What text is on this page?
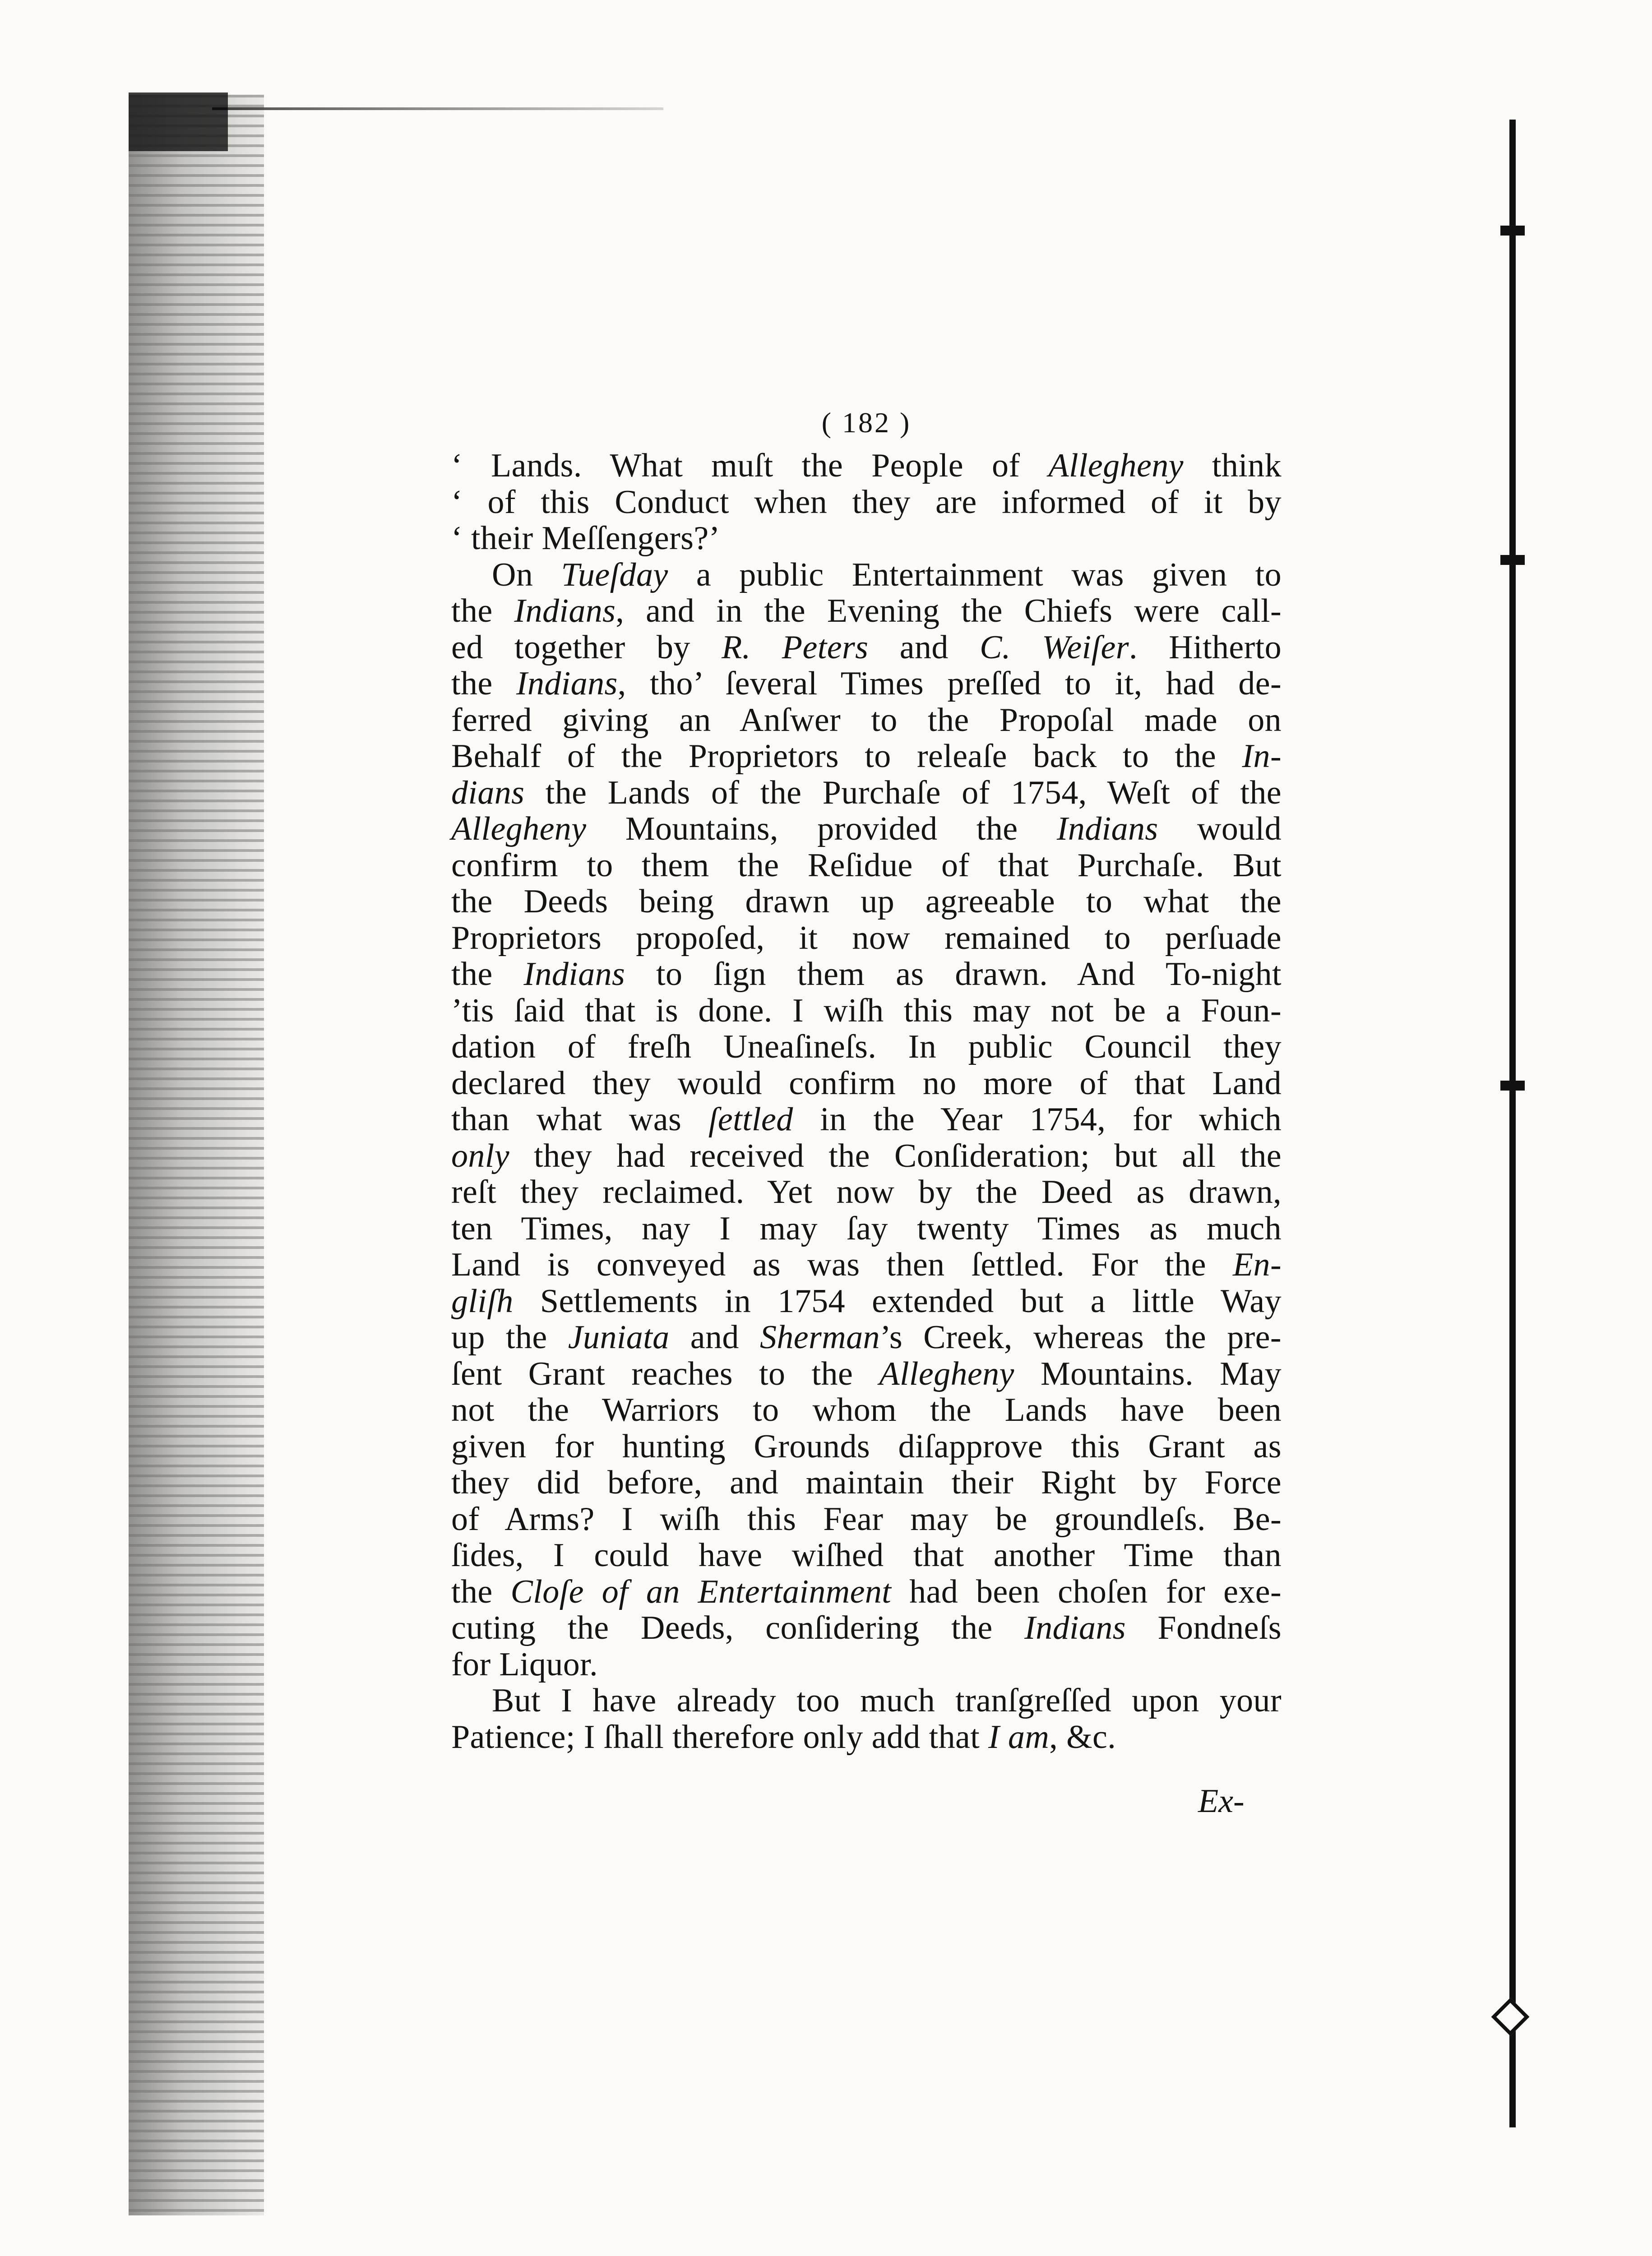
( 182 )
‘ Lands. What muſt the People of Allegheny think
‘ of this Conduct when they are informed of it by
‘ their Meſſengers?’
On Tueſday a public Entertainment was given to
the Indians, and in the Evening the Chiefs were call-
ed together by R. Peters and C. Weiſer. Hitherto
the Indians, tho’ ſeveral Times preſſed to it, had de-
ferred giving an Anſwer to the Propoſal made on
Behalf of the Proprietors to releaſe back to the In-
dians the Lands of the Purchaſe of 1754, Weſt of the
Allegheny Mountains, provided the Indians would
confirm to them the Reſidue of that Purchaſe. But
the Deeds being drawn up agreeable to what the
Proprietors propoſed, it now remained to perſuade
the Indians to ſign them as drawn. And To-night
’tis ſaid that is done. I wiſh this may not be a Foun-
dation of freſh Uneaſineſs. In public Council they
declared they would confirm no more of that Land
than what was ſettled in the Year 1754, for which
only they had received the Conſideration; but all the
reſt they reclaimed. Yet now by the Deed as drawn,
ten Times, nay I may ſay twenty Times as much
Land is conveyed as was then ſettled. For the En-
gliſh Settlements in 1754 extended but a little Way
up the Juniata and Sherman’s Creek, whereas the pre-
ſent Grant reaches to the Allegheny Mountains. May
not the Warriors to whom the Lands have been
given for hunting Grounds diſapprove this Grant as
they did before, and maintain their Right by Force
of Arms? I wiſh this Fear may be groundleſs. Be-
ſides, I could have wiſhed that another Time than
the Cloſe of an Entertainment had been choſen for exe-
cuting the Deeds, conſidering the Indians Fondneſs
for Liquor.
But I have already too much tranſgreſſed upon your
Patience; I ſhall therefore only add that I am, &c.
Ex-
